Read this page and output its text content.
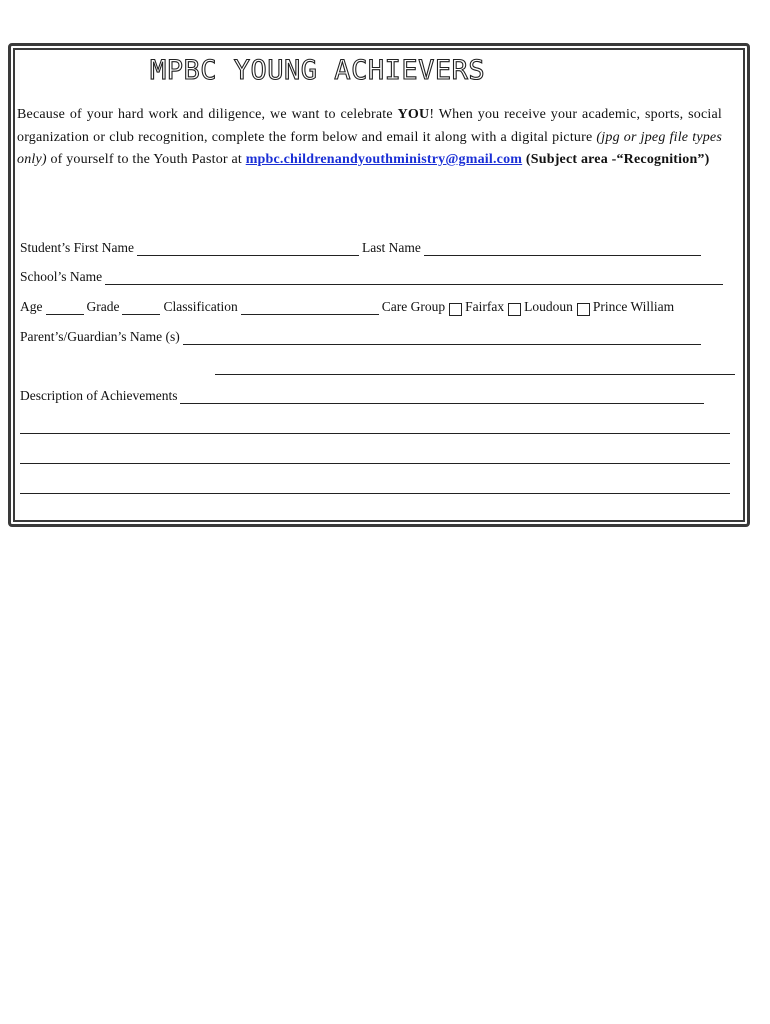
MPBC YOUNG ACHIEVERS

Because of your hard work and diligence, we want to celebrate YOU! When you receive your academic, sports, social organization or club recognition, complete the form below and email it along with a digital picture (jpg or jpeg file types only) of yourself to the Youth Pastor at mpbc.childrenandyouthministry@gmail.com (Subject area -“Recognition”)

Student’s First Name	Last Name
School’s Name
Age	Grade	Classification	Care Group Fairfax Loudoun Prince William
Parent’s/Guardian’s Name (s)
Description of Achievements
